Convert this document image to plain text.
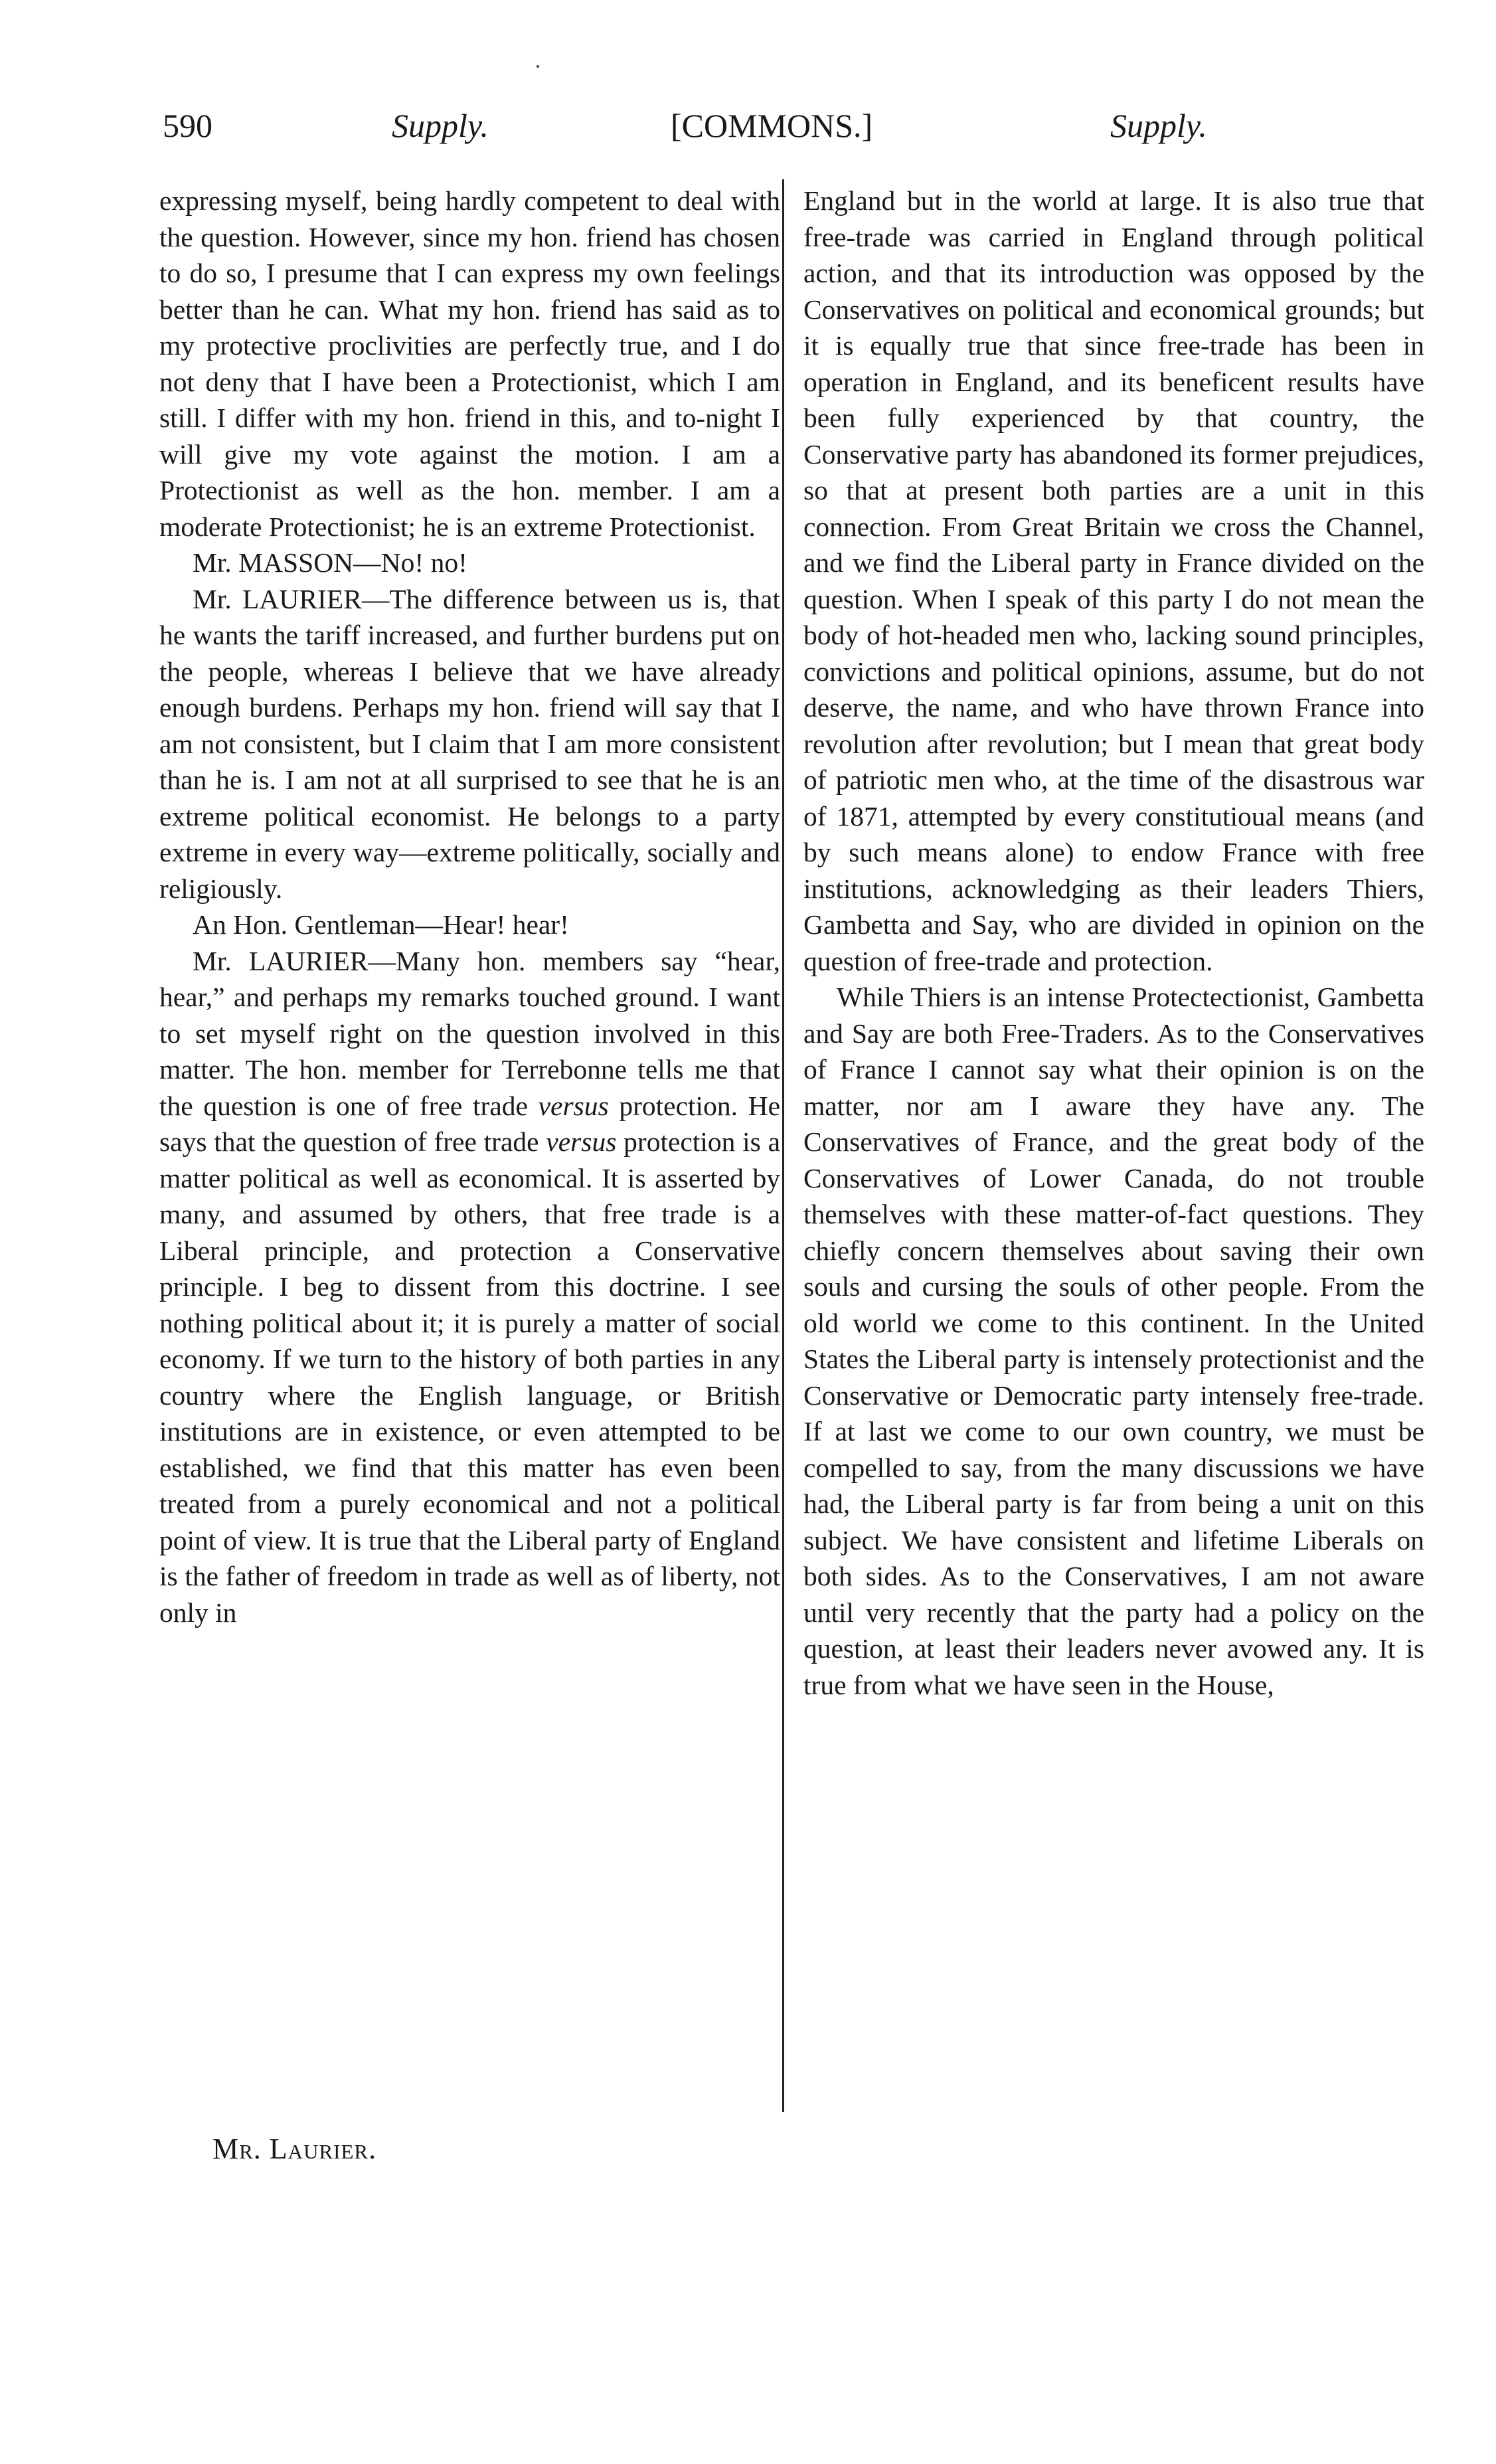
590	Supply.	[COMMONS.]	Supply.

expressing myself, being hardly competent to deal with the question. However, since my hon. friend has chosen to do so, I presume that I can express my own feelings better than he can. What my hon. friend has said as to my protective proclivities are perfectly true, and I do not deny that I have been a Protectionist, which I am still. I differ with my hon. friend in this, and to-night I will give my vote against the motion. I am a Protectionist as well as the hon. member. I am a moderate Protectionist; he is an extreme Protectionist.

Mr. MASSON—No! no!

Mr. LAURIER—The difference between us is, that he wants the tariff increased, and further burdens put on the people, whereas I believe that we have already enough burdens. Perhaps my hon. friend will say that I am not consistent, but I claim that I am more consistent than he is. I am not at all surprised to see that he is an extreme political economist. He belongs to a party extreme in every way—extreme politically, socially and religiously.

An Hon. Gentleman—Hear! hear!

Mr. LAURIER—Many hon. members say “hear, hear,” and perhaps my remarks touched ground. I want to set myself right on the question involved in this matter. The hon. member for Terrebonne tells me that the question is one of free trade versus protection. He says that the question of free trade versus protection is a matter political as well as economical. It is asserted by many, and assumed by others, that free trade is a Liberal principle, and protection a Conservative principle. I beg to dissent from this doctrine. I see nothing political about it; it is purely a matter of social economy. If we turn to the history of both parties in any country where the English language, or British institutions are in existence, or even attempted to be established, we find that this matter has even been treated from a purely economical and not a political point of view. It is true that the Liberal party of England is the father of freedom in trade as well as of liberty, not only in

England but in the world at large. It is also true that free-trade was carried in England through political action, and that its introduction was opposed by the Conservatives on political and economical grounds; but it is equally true that since free-trade has been in operation in England, and its beneficent results have been fully experienced by that country, the Conservative party has abandoned its former prejudices, so that at present both parties are a unit in this connection. From Great Britain we cross the Channel, and we find the Liberal party in France divided on the question. When I speak of this party I do not mean the body of hot-headed men who, lacking sound principles, convictions and political opinions, assume, but do not deserve, the name, and who have thrown France into revolution after revolution; but I mean that great body of patriotic men who, at the time of the disastrous war of 1871, attempted by every constitutioual means (and by such means alone) to endow France with free institutions, acknowledging as their leaders Thiers, Gambetta and Say, who are divided in opinion on the question of free-trade and protection.

While Thiers is an intense Protectectionist, Gambetta and Say are both Free-Traders. As to the Conservatives of France I cannot say what their opinion is on the matter, nor am I aware they have any. The Conservatives of France, and the great body of the Conservatives of Lower Canada, do not trouble themselves with these matter-of-fact questions. They chiefly concern themselves about saving their own souls and cursing the souls of other people. From the old world we come to this continent. In the United States the Liberal party is intensely protectionist and the Conservative or Democratic party intensely free-trade. If at last we come to our own country, we must be compelled to say, from the many discussions we have had, the Liberal party is far from being a unit on this subject. We have consistent and lifetime Liberals on both sides. As to the Conservatives, I am not aware until very recently that the party had a policy on the question, at least their leaders never avowed any. It is true from what we have seen in the House,

Mr. Laurier.
